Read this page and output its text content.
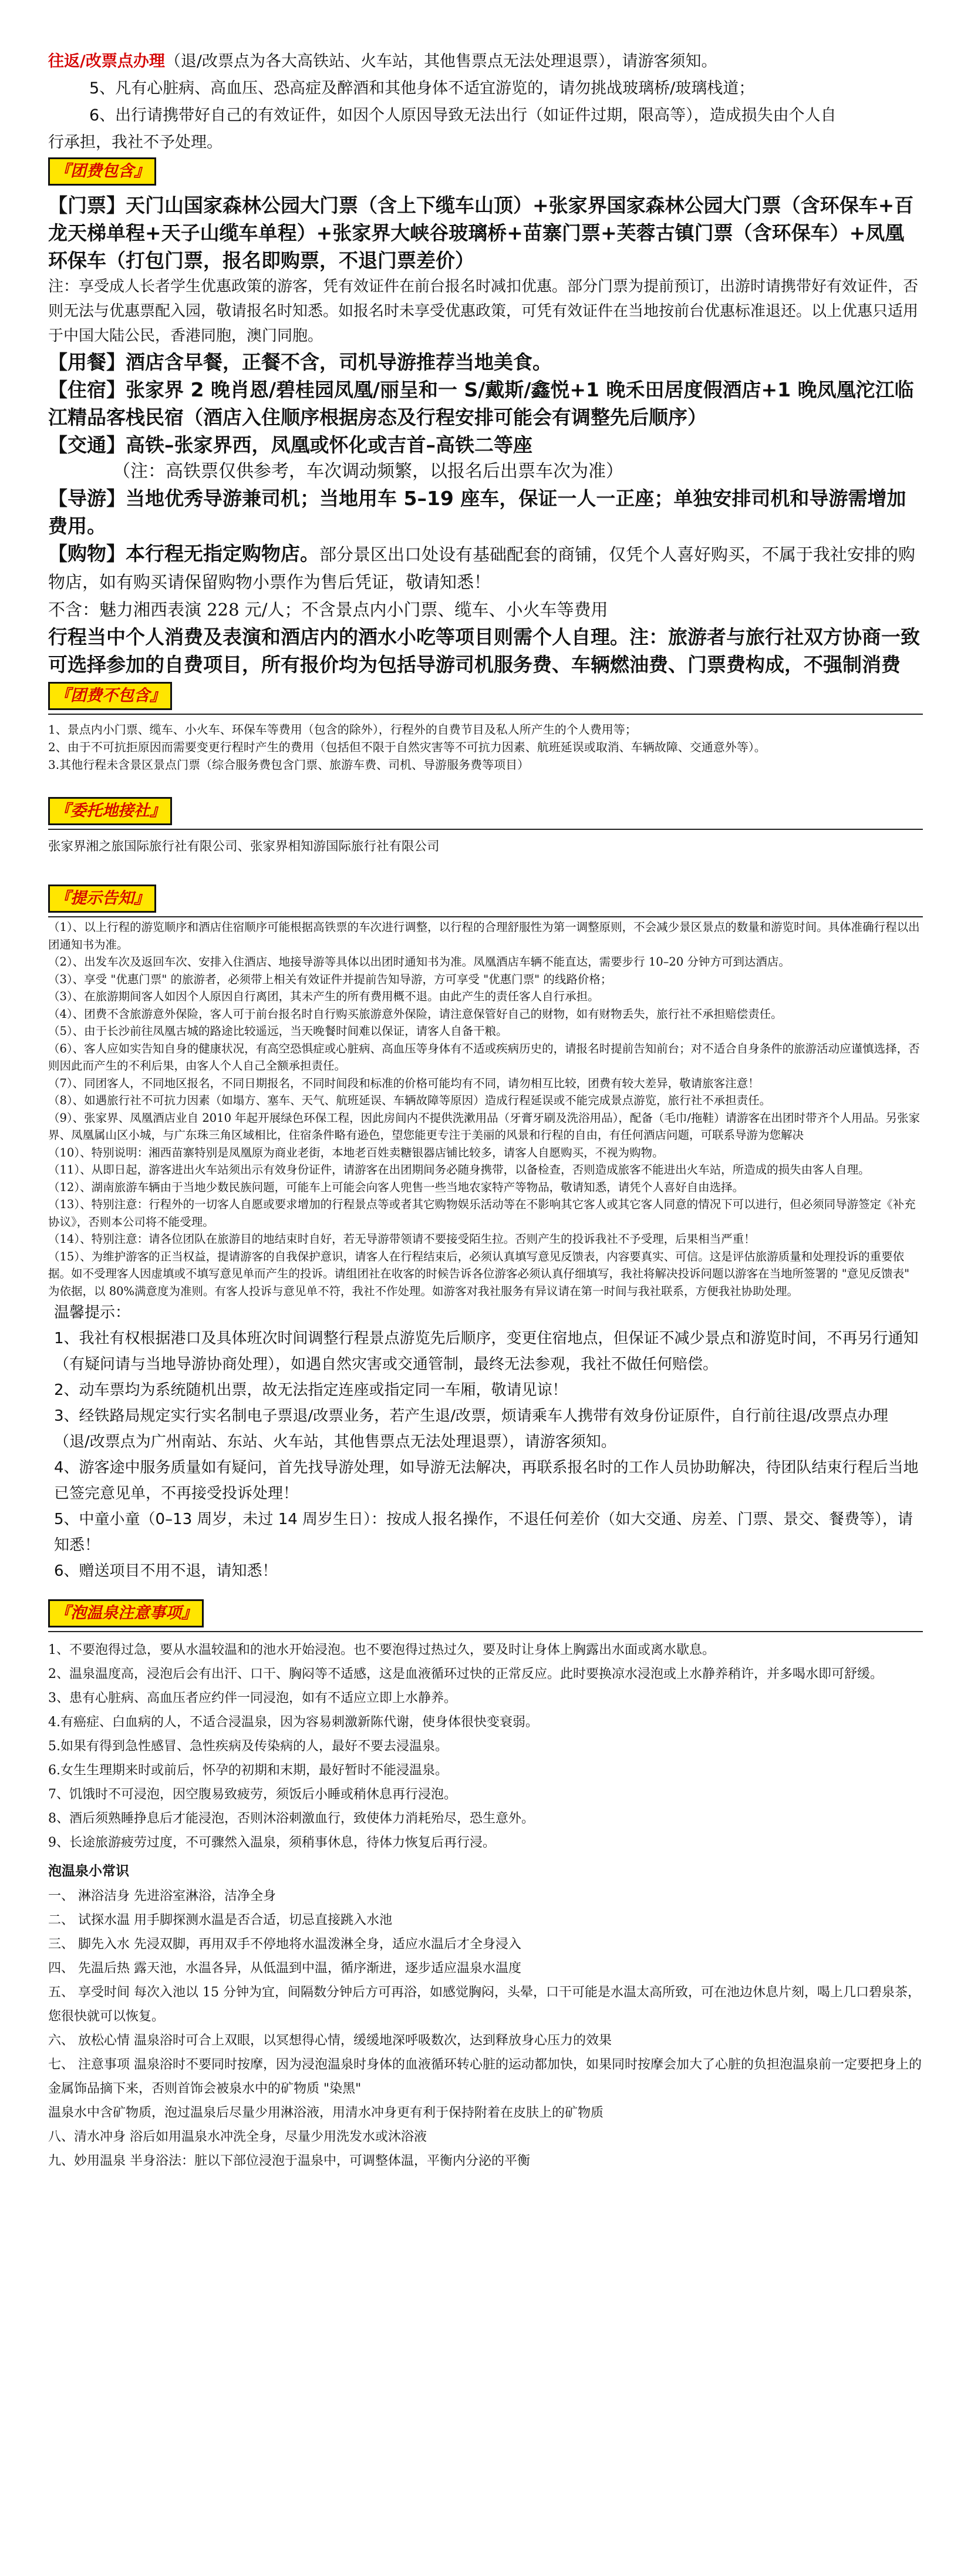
往返/改票点办理（退/改票点为各大高铁站、火车站，其他售票点无法处理退票），请游客须知。

5、凡有心脏病、高血压、恐高症及醉酒和其他身体不适宜游览的，请勿挑战玻璃桥/玻璃栈道；

6、出行请携带好自己的有效证件，如因个人原因导致无法出行（如证件过期，限高等），造成损失由个人自

行承担，我社不予处理。

『团费包含』

【门票】天门山国家森林公园大门票（含上下缆车山顶）+张家界国家森林公园大门票（含环保车+百龙天梯单程+天子山缆车单程）+张家界大峡谷玻璃桥+苗寨门票+芙蓉古镇门票（含环保车）+凤凰环保车（打包门票，报名即购票，不退门票差价）

注：享受成人长者学生优惠政策的游客，凭有效证件在前台报名时减扣优惠。部分门票为提前预订，出游时请携带好有效证件，否则无法与优惠票配入园，敬请报名时知悉。如报名时未享受优惠政策，可凭有效证件在当地按前台优惠标准退还。以上优惠只适用于中国大陆公民，香港同胞，澳门同胞。

【用餐】酒店含早餐，正餐不含，司机导游推荐当地美食。

【住宿】张家界 2 晚肖恩/碧桂园凤凰/丽呈和一 S/戴斯/鑫悦+1 晚禾田居度假酒店+1 晚凤凰沱江临江精品客栈民宿（酒店入住顺序根据房态及行程安排可能会有调整先后顺序）

【交通】高铁–张家界西，凤凰或怀化或吉首–高铁二等座

（注：高铁票仅供参考，车次调动频繁，以报名后出票车次为准）

【导游】当地优秀导游兼司机；当地用车 5–19 座车，保证一人一正座；单独安排司机和导游需增加费用。

【购物】本行程无指定购物店。部分景区出口处设有基础配套的商铺，仅凭个人喜好购买，不属于我社安排的购物店，如有购买请保留购物小票作为售后凭证，敬请知悉！

不含：魅力湘西表演 228 元/人；不含景点内小门票、缆车、小火车等费用

行程当中个人消费及表演和酒店内的酒水小吃等项目则需个人自理。注：旅游者与旅行社双方协商一致可选择参加的自费项目，所有报价均为包括导游司机服务费、车辆燃油费、门票费构成，不强制消费

『团费不包含』

1、景点内小门票、缆车、小火车、环保车等费用（包含的除外），行程外的自费节目及私人所产生的个人费用等；

2、由于不可抗拒原因而需要变更行程时产生的费用（包括但不限于自然灾害等不可抗力因素、航班延误或取消、车辆故障、交通意外等）。

3.其他行程未含景区景点门票（综合服务费包含门票、旅游车费、司机、导游服务费等项目）

『委托地接社』

张家界湘之旅国际旅行社有限公司、张家界相知游国际旅行社有限公司

『提示告知』

（1）、以上行程的游览顺序和酒店住宿顺序可能根据高铁票的车次进行调整，以行程的合理舒服性为第一调整原则，不会减少景区景点的数量和游览时间。具体准确行程以出团通知书为准。

（2）、出发车次及返回车次、安排入住酒店、地接导游等具体以出团时通知书为准。凤凰酒店车辆不能直达，需要步行 10–20 分钟方可到达酒店。

（3）、享受 "优惠门票" 的旅游者，必须带上相关有效证件并提前告知导游，方可享受 "优惠门票" 的线路价格；

（3）、在旅游期间客人如因个人原因自行离团，其未产生的所有费用概不退。由此产生的责任客人自行承担。

（4）、团费不含旅游意外保险，客人可于前台报名时自行购买旅游意外保险，请注意保管好自己的财物，如有财物丢失，旅行社不承担赔偿责任。

（5）、由于长沙前往凤凰古城的路途比较遥远，当天晚餐时间难以保证，请客人自备干粮。

（6）、客人应如实告知自身的健康状况，有高空恐惧症或心脏病、高血压等身体有不适或疾病历史的，请报名时提前告知前台；对不适合自身条件的旅游活动应谨慎选择，否则因此而产生的不利后果，由客人个人自己全额承担责任。

（7）、同团客人，不同地区报名，不同日期报名，不同时间段和标准的价格可能均有不同，请勿相互比较，团费有较大差异，敬请旅客注意！

（8）、如遇旅行社不可抗力因素（如塌方、塞车、天气、航班延误、车辆故障等原因）造成行程延误或不能完成景点游览，旅行社不承担责任。

（9）、张家界、凤凰酒店业自 2010 年起开展绿色环保工程，因此房间内不提供洗漱用品（牙膏牙刷及洗浴用品），配备（毛巾/拖鞋）请游客在出团时带齐个人用品。另张家界、凤凰属山区小城，与广东珠三角区域相比，住宿条件略有逊色，望您能更专注于美丽的风景和行程的自由，有任何酒店问题，可联系导游为您解决

（10）、特别说明：湘西苗寨特别是凤凰原为商业老街，本地老百姓卖糖银器店铺比较多，请客人自愿购买，不视为购物。

（11）、从即日起，游客进出火车站须出示有效身份证件，请游客在出团期间务必随身携带，以备检查，否则造成旅客不能进出火车站，所造成的损失由客人自理。

（12）、湖南旅游车辆由于当地少数民族问题，可能车上可能会向客人兜售一些当地农家特产等物品，敬请知悉，请凭个人喜好自由选择。

（13）、特别注意：行程外的一切客人自愿或要求增加的行程景点等或者其它购物娱乐活动等在不影响其它客人或其它客人同意的情况下可以进行，但必须同导游签定《补充协议》，否则本公司将不能受理。

（14）、特别注意：请各位团队在旅游目的地结束时自好，若无导游带领请不要接受陌生拉。否则产生的投诉我社不予受理，后果相当严重！

（15）、为维护游客的正当权益，提请游客的自我保护意识，请客人在行程结束后，必须认真填写意见反馈表，内容要真实、可信。这是评估旅游质量和处理投诉的重要依据。如不受理客人因虚填或不填写意见单而产生的投诉。请组团社在收客的时候告诉各位游客必须认真仔细填写，我社将解决投诉问题以游客在当地所签署的 "意见反馈表" 为依据，以 80%满意度为准则。有客人投诉与意见单不符，我社不作处理。如游客对我社服务有异议请在第一时间与我社联系，方便我社协助处理。

温馨提示：

1、我社有权根据港口及具体班次时间调整行程景点游览先后顺序，变更住宿地点，但保证不减少景点和游览时间，不再另行通知（有疑问请与当地导游协商处理），如遇自然灾害或交通管制，最终无法参观，我社不做任何赔偿。

2、动车票均为系统随机出票，故无法指定连座或指定同一车厢，敬请见谅！

3、经铁路局规定实行实名制电子票退/改票业务，若产生退/改票，烦请乘车人携带有效身份证原件，自行前往退/改票点办理（退/改票点为广州南站、东站、火车站，其他售票点无法处理退票），请游客须知。

4、游客途中服务质量如有疑问，首先找导游处理，如导游无法解决，再联系报名时的工作人员协助解决，待团队结束行程后当地已签完意见单，不再接受投诉处理！

5、中童小童（0–13 周岁，未过 14 周岁生日）：按成人报名操作，不退任何差价（如大交通、房差、门票、景交、餐费等），请知悉！

6、赠送项目不用不退，请知悉！

『泡温泉注意事项』

1、不要泡得过急，要从水温较温和的池水开始浸泡。也不要泡得过热过久，要及时让身体上胸露出水面或离水歇息。

2、温泉温度高，浸泡后会有出汗、口干、胸闷等不适感，这是血液循环过快的正常反应。此时要换凉水浸泡或上水静养稍许，并多喝水即可舒缓。

3、患有心脏病、高血压者应约伴一同浸泡，如有不适应立即上水静养。

4.有癌症、白血病的人，不适合浸温泉，因为容易刺激新陈代谢，使身体很快变衰弱。

5.如果有得到急性感冒、急性疾病及传染病的人，最好不要去浸温泉。

6.女生生理期来时或前后，怀孕的初期和末期，最好暂时不能浸温泉。

7、饥饿时不可浸泡，因空腹易致疲劳，须饭后小睡或稍休息再行浸泡。

8、酒后须熟睡挣息后才能浸泡，否则沐浴刺激血行，致使体力消耗殆尽，恐生意外。

9、长途旅游疲劳过度，不可骤然入温泉，须稍事休息，待体力恢复后再行浸。

泡温泉小常识

一、 淋浴洁身 先进浴室淋浴，洁净全身

二、 试探水温 用手脚探测水温是否合适，切忌直接跳入水池

三、 脚先入水 先浸双脚，再用双手不停地将水温泼淋全身，适应水温后才全身浸入

四、 先温后热 露天池，水温各异，从低温到中温，循序渐进，逐步适应温泉水温度

五、 享受时间 每次入池以 15 分钟为宜，间隔数分钟后方可再浴，如感觉胸闷，头晕，口干可能是水温太高所致，可在池边休息片刻，喝上几口碧泉茶，您很快就可以恢复。

六、 放松心情 温泉浴时可合上双眼，以冥想得心情，缓缓地深呼吸数次，达到释放身心压力的效果

七、 注意事项 温泉浴时不要同时按摩，因为浸泡温泉时身体的血液循环转心脏的运动都加快，如果同时按摩会加大了心脏的负担泡温泉前一定要把身上的金属饰品摘下来，否则首饰会被泉水中的矿物质 "染黑"

温泉水中含矿物质，泡过温泉后尽量少用淋浴液，用清水冲身更有利于保持附着在皮肤上的矿物质

八、清水冲身 浴后如用温泉水冲洗全身，尽量少用洗发水或沐浴液

九、妙用温泉 半身浴法：脏以下部位浸泡于温泉中，可调整体温，平衡内分泌的平衡
